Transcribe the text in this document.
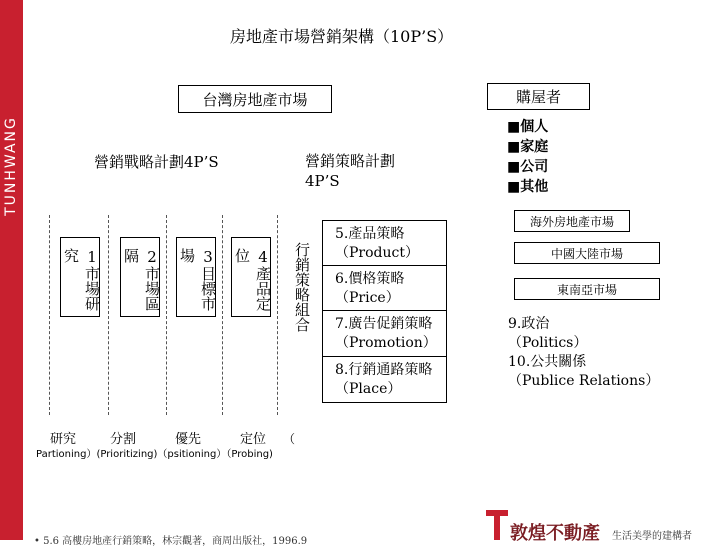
TUNHWANG
房地產市場營銷架構（10P’S）
台灣房地產市場	購屋者
■個人
■家庭
■公司
■其他
營銷戰略計劃4P’S	營銷策略計劃
4P’S
1市場研究	2市場區隔	3目標市場	4產品定位
研究	分割	優先	定位 （
Partioning）(Prioritizing)（psitioning）（Probing)
行銷策略組合
5.產品策略
（Product）
6.價格策略
（Price）
7.廣告促銷策略
（Promotion）
8.行銷通路策略
（Place）
海外房地產市場
中國大陸市場
東南亞市場
9.政治
（Politics）
10.公共關係
（Publice Relations）
• 5.6 高樓房地產行銷策略，林宗觀著，商周出版社，1996.9	敦煌不動產 生活美學的建構者
